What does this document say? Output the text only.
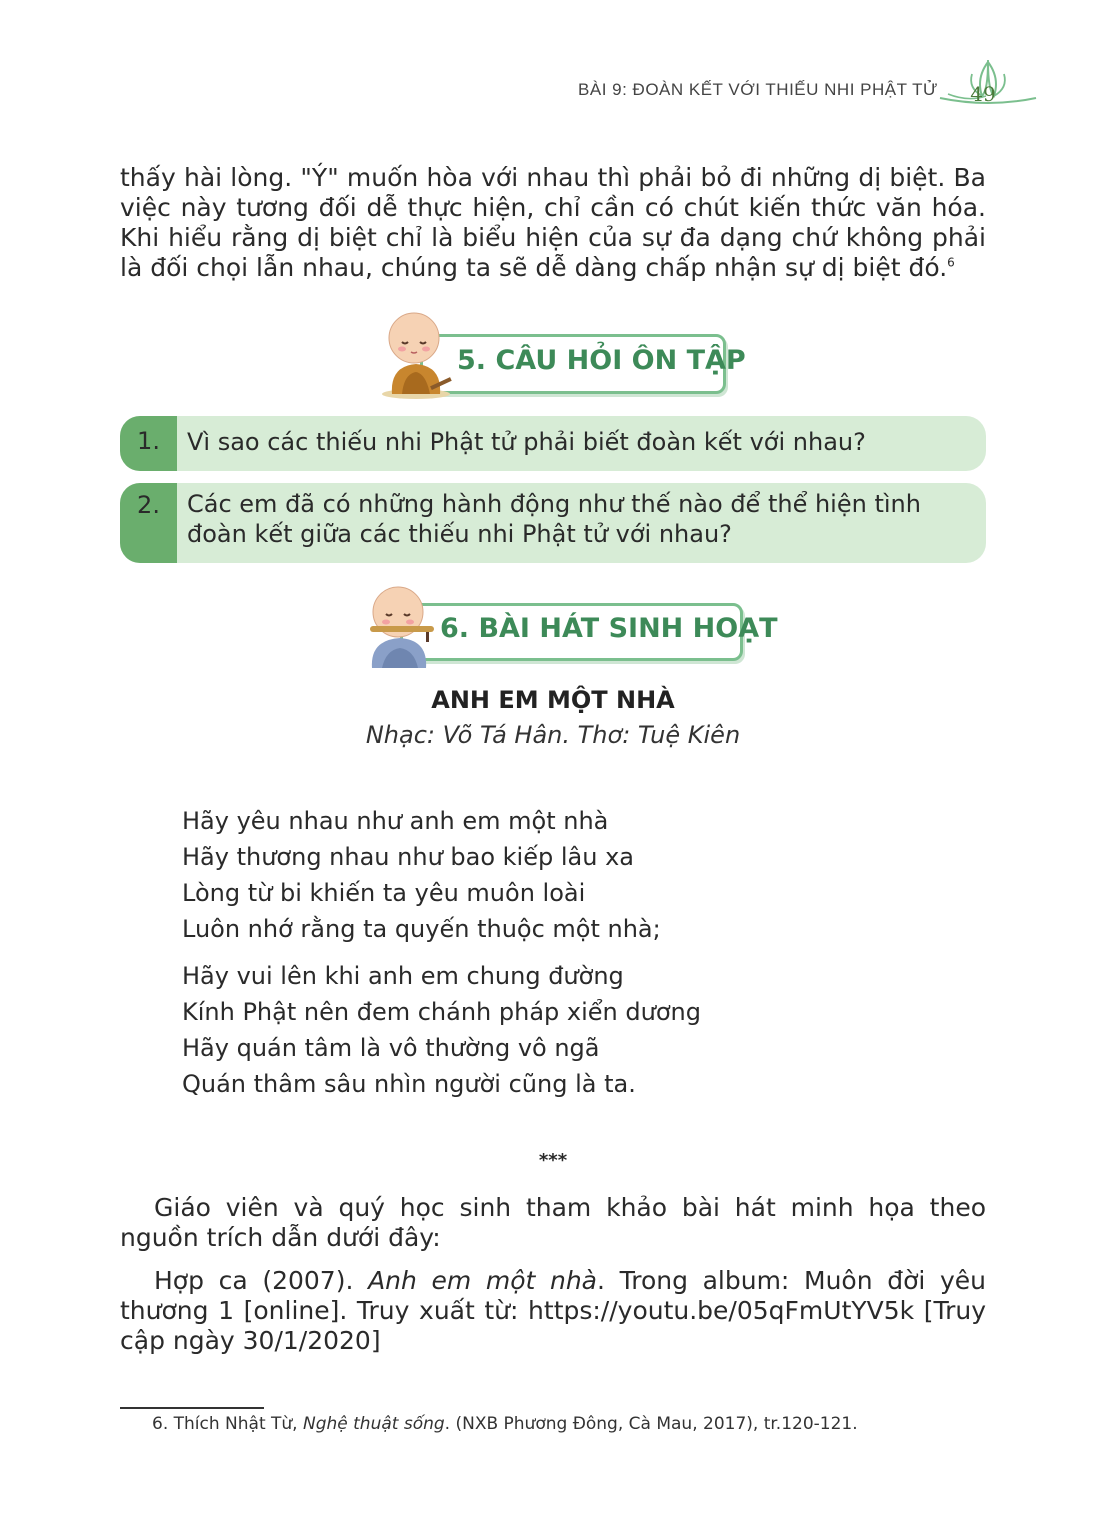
BÀI 9: ĐOÀN KẾT VỚI THIẾU NHI PHẬT TỬ	49
thấy hài lòng. "Ý" muốn hòa với nhau thì phải bỏ đi những dị biệt. Ba việc này tương đối dễ thực hiện, chỉ cần có chút kiến thức văn hóa. Khi hiểu rằng dị biệt chỉ là biểu hiện của sự đa dạng chứ không phải là đối chọi lẫn nhau, chúng ta sẽ dễ dàng chấp nhận sự dị biệt đó.$^6$
5. CÂU HỎI ÔN TẬP
1.	Vì sao các thiếu nhi Phật tử phải biết đoàn kết với nhau?
2.	Các em đã có những hành động như thế nào để thể hiện tình đoàn kết giữa các thiếu nhi Phật tử với nhau?
6. BÀI HÁT SINH HOẠT
ANH EM MỘT NHÀ
Nhạc: Võ Tá Hân. Thơ: Tuệ Kiên
Hãy yêu nhau như anh em một nhà
Hãy thương nhau như bao kiếp lâu xa
Lòng từ bi khiến ta yêu muôn loài
Luôn nhớ rằng ta quyến thuộc một nhà;
Hãy vui lên khi anh em chung đường
Kính Phật nên đem chánh pháp xiển dương
Hãy quán tâm là vô thường vô ngã
Quán thâm sâu nhìn người cũng là ta.
***
Giáo viên và quý học sinh tham khảo bài hát minh họa theo nguồn trích dẫn dưới đây:
Hợp ca (2007). Anh em một nhà. Trong album: Muôn đời yêu thương 1 [online]. Truy xuất từ: https://youtu.be/05qFmUtYV5k [Truy cập ngày 30/1/2020]
6. Thích Nhật Từ, Nghệ thuật sống. (NXB Phương Đông, Cà Mau, 2017), tr.120-121.
